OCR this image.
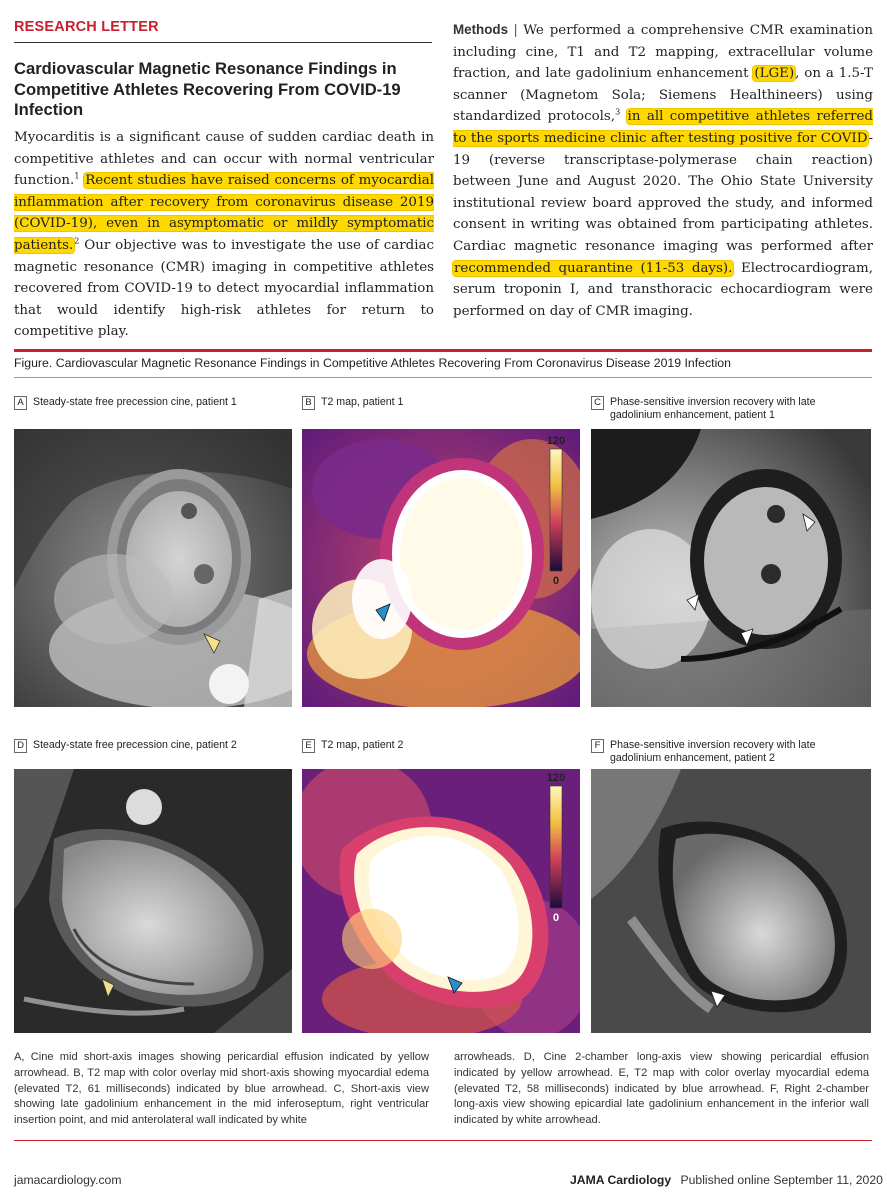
RESEARCH LETTER
Cardiovascular Magnetic Resonance Findings in Competitive Athletes Recovering From COVID-19 Infection
Myocarditis is a significant cause of sudden cardiac death in competitive athletes and can occur with normal ventricular function.$^1$ Recent studies have raised concerns of myocardial inflammation after recovery from coronavirus disease 2019 (COVID-19), even in asymptomatic or mildly symptomatic patients.$^2$ Our objective was to investigate the use of cardiac magnetic resonance (CMR) imaging in competitive athletes recovered from COVID-19 to detect myocardial inflammation that would identify high-risk athletes for return to competitive play.
Methods | We performed a comprehensive CMR examination including cine, T1 and T2 mapping, extracellular volume fraction, and late gadolinium enhancement (LGE), on a 1.5-T scanner (Magnetom Sola; Siemens Healthineers) using standardized protocols,$^3$ in all competitive athletes referred to the sports medicine clinic after testing positive for COVID-19 (reverse transcriptase-polymerase chain reaction) between June and August 2020. The Ohio State University institutional review board approved the study, and informed consent in writing was obtained from participating athletes. Cardiac magnetic resonance imaging was performed after recommended quarantine (11-53 days). Electrocardiogram, serum troponin I, and transthoracic echocardiogram were performed on day of CMR imaging.
Figure. Cardiovascular Magnetic Resonance Findings in Competitive Athletes Recovering From Coronavirus Disease 2019 Infection
A Steady-state free precession cine, patient 1	B T2 map, patient 1	C Phase-sensitive inversion recovery with late gadolinium enhancement, patient 1
120
0
D Steady-state free precession cine, patient 2	E T2 map, patient 2	F Phase-sensitive inversion recovery with late gadolinium enhancement, patient 2
120
0
A, Cine mid short-axis images showing pericardial effusion indicated by yellow arrowhead. B, T2 map with color overlay mid short-axis showing myocardial edema (elevated T2, 61 milliseconds) indicated by blue arrowhead. C, Short-axis view showing late gadolinium enhancement in the mid inferoseptum, right ventricular insertion point, and mid anterolateral wall indicated by white
arrowheads. D, Cine 2-chamber long-axis view showing pericardial effusion indicated by yellow arrowhead. E, T2 map with color overlay myocardial edema (elevated T2, 58 milliseconds) indicated by blue arrowhead. F, Right 2-chamber long-axis view showing epicardial late gadolinium enhancement in the inferior wall indicated by white arrowhead.
jamacardiology.com	JAMA Cardiology Published online September 11, 2020
